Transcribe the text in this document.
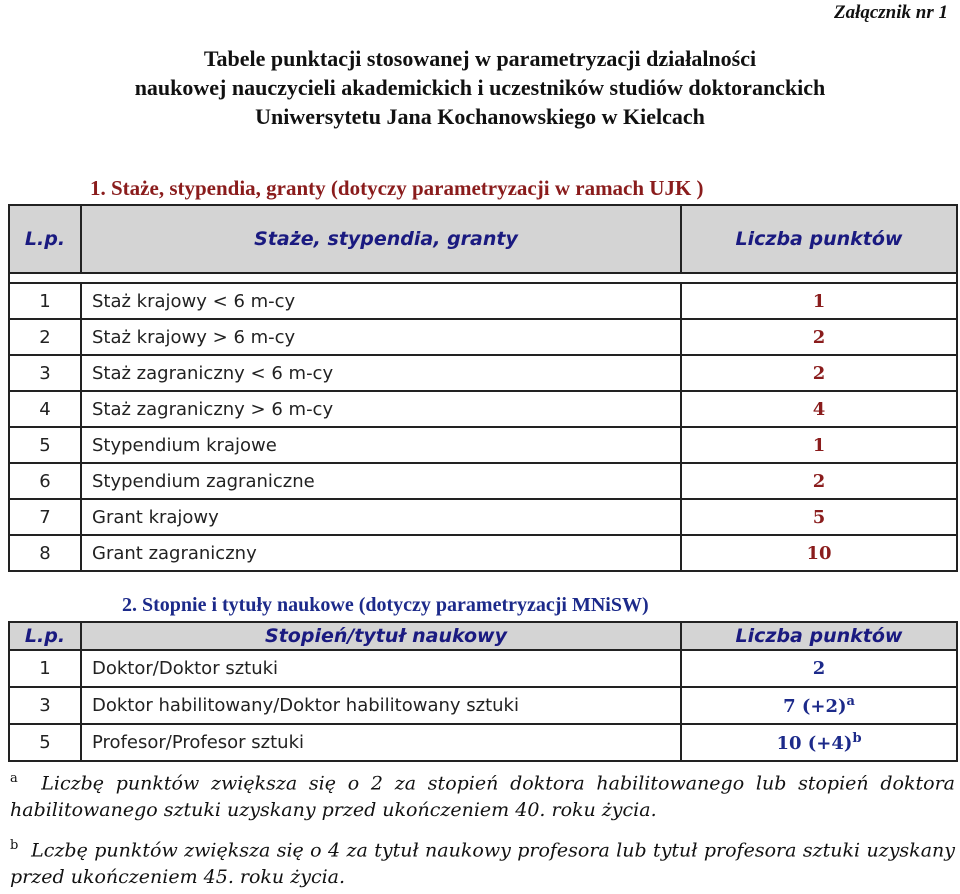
Załącznik nr 1
Tabele punktacji stosowanej w parametryzacji działalności
naukowej nauczycieli akademickich i uczestników studiów doktoranckich
Uniwersytetu Jana Kochanowskiego w Kielcach
1. Staże, stypendia, granty (dotyczy parametryzacji w ramach UJK )
L.p.	Staże, stypendia, granty	Liczba punktów

1	Staż krajowy < 6 m-cy	1
2	Staż krajowy > 6 m-cy	2
3	Staż zagraniczny < 6 m-cy	2
4	Staż zagraniczny > 6 m-cy	4
5	Stypendium krajowe	1
6	Stypendium zagraniczne	2
7	Grant krajowy	5
8	Grant zagraniczny	10
2. Stopnie i tytuły naukowe (dotyczy parametryzacji MNiSW)
L.p.	Stopień/tytuł naukowy	Liczba punktów
1	Doktor/Doktor sztuki	2
3	Doktor habilitowany/Doktor habilitowany sztuki	7 $(+2)^a$
5	Profesor/Profesor sztuki	10 $(+4)^b$
$^a$ Liczbę punktów zwiększa się o 2 za stopień doktora habilitowanego lub stopień doktora habilitowanego sztuki uzyskany przed ukończeniem 40. roku życia.
$^b$ Lczbę punktów zwiększa się o 4 za tytuł naukowy profesora lub tytuł profesora sztuki uzyskany przed ukończeniem 45. roku życia.
